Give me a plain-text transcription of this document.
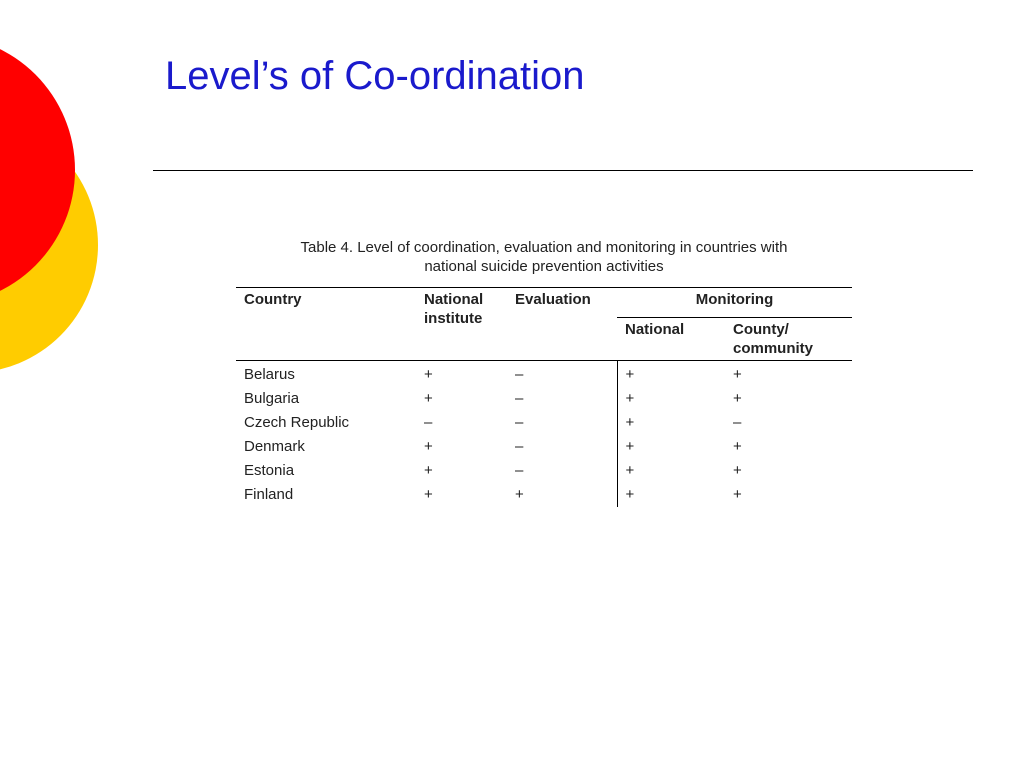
Level’s of Co-ordination
Table 4. Level of coordination, evaluation and monitoring in countries with
national suicide prevention activities
Country	National institute	Evaluation	Monitoring	
			National	County/ community
Belarus	+	–	+	+
Bulgaria	+	–	+	+
Czech Republic	–	–	+	–
Denmark	+	–	+	+
Estonia	+	–	+	+
Finland	+	+	+	+
